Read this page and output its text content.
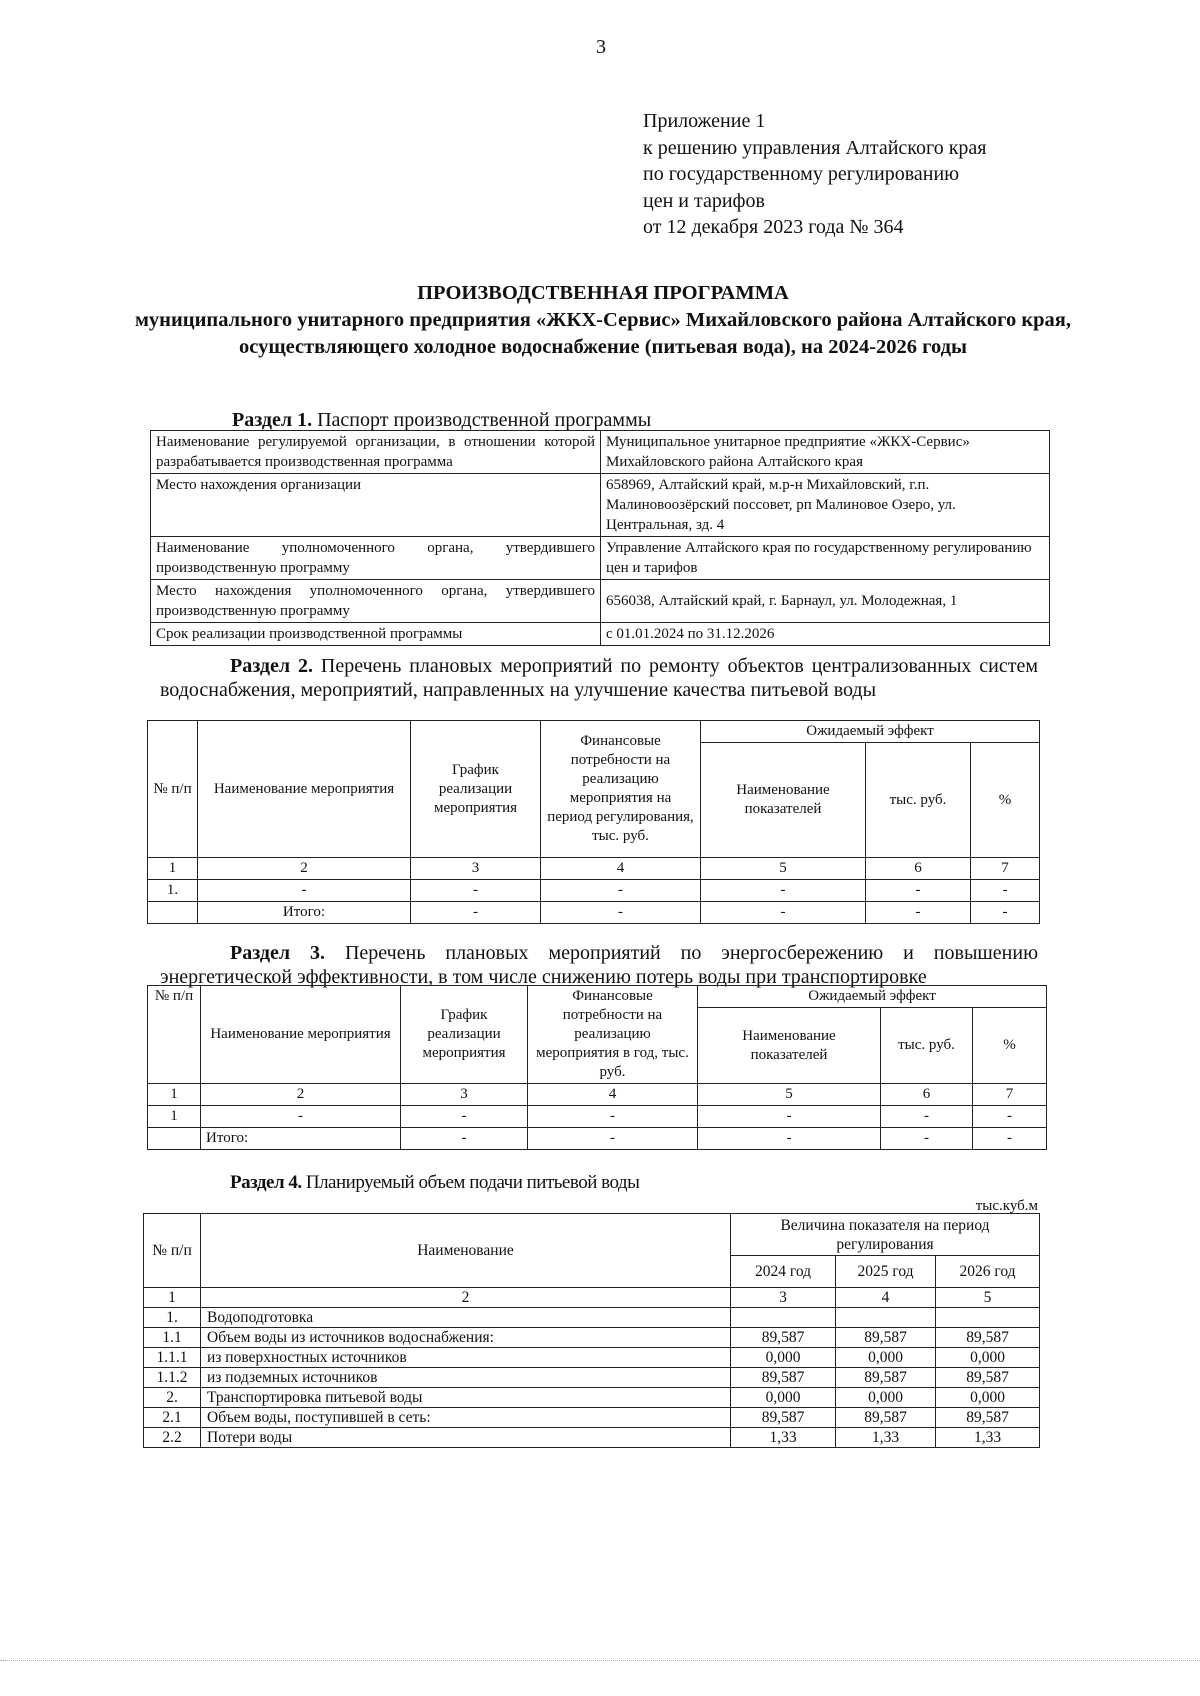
3
Приложение 1
к решению управления Алтайского края
по государственному регулированию
цен и тарифов
от 12 декабря 2023 года № 364
ПРОИЗВОДСТВЕННАЯ ПРОГРАММА
муниципального унитарного предприятия «ЖКХ-Сервис» Михайловского района Алтайского края, осуществляющего холодное водоснабжение (питьевая вода), на 2024-2026 годы
Раздел 1. Паспорт производственной программы
Наименование регулируемой организации, в отношении которой разрабатывается производственная программа	Муниципальное унитарное предприятие «ЖКХ-Сервис» Михайловского района Алтайского края
Место нахождения организации	658969, Алтайский край, м.р-н Михайловский, г.п. Малиновоозёрский поссовет, рп Малиновое Озеро, ул. Центральная, зд. 4
Наименование уполномоченного органа, утвердившего производственную программу	Управление Алтайского края по государственному регулированию цен и тарифов
Место нахождения уполномоченного органа, утвердившего производственную программу	656038, Алтайский край, г. Барнаул, ул. Молодежная, 1
Срок реализации производственной программы	с 01.01.2024 по 31.12.2026
Раздел 2. Перечень плановых мероприятий по ремонту объектов централизованных систем водоснабжения, мероприятий, направленных на улучшение качества питьевой воды
№ п/п	Наименование мероприятия	График реализации мероприятия	Финансовые потребности на реализацию мероприятия на период регулирования, тыс. руб.	Ожидаемый эффект		
				Наименование показателей	тыс. руб.	%
1	2	3	4	5	6	7
1.	-	-	-	-	-	-
	Итого:	-	-	-	-	-
Раздел 3. Перечень плановых мероприятий по энергосбережению и повышению энергетической эффективности, в том числе снижению потерь воды при транспортировке
№ п/п	Наименование мероприятия	График реализации мероприятия	Финансовые потребности на реализацию мероприятия в год, тыс. руб.	Ожидаемый эффект		
				Наименование показателей	тыс. руб.	%
1	2	3	4	5	6	7
1	-	-	-	-	-	-
	Итого:	-	-	-	-	-
Раздел 4. Планируемый объем подачи питьевой воды
тыс.куб.м
№ п/п	Наименование	Величина показателя на период регулирования		
		2024 год	2025 год	2026 год
1	2	3	4	5
1.	Водоподготовка			
1.1	Объем воды из источников водоснабжения:	89,587	89,587	89,587
1.1.1	из поверхностных источников	0,000	0,000	0,000
1.1.2	из подземных источников	89,587	89,587	89,587
2.	Транспортировка питьевой воды	0,000	0,000	0,000
2.1	Объем воды, поступившей в сеть:	89,587	89,587	89,587
2.2	Потери воды	1,33	1,33	1,33
